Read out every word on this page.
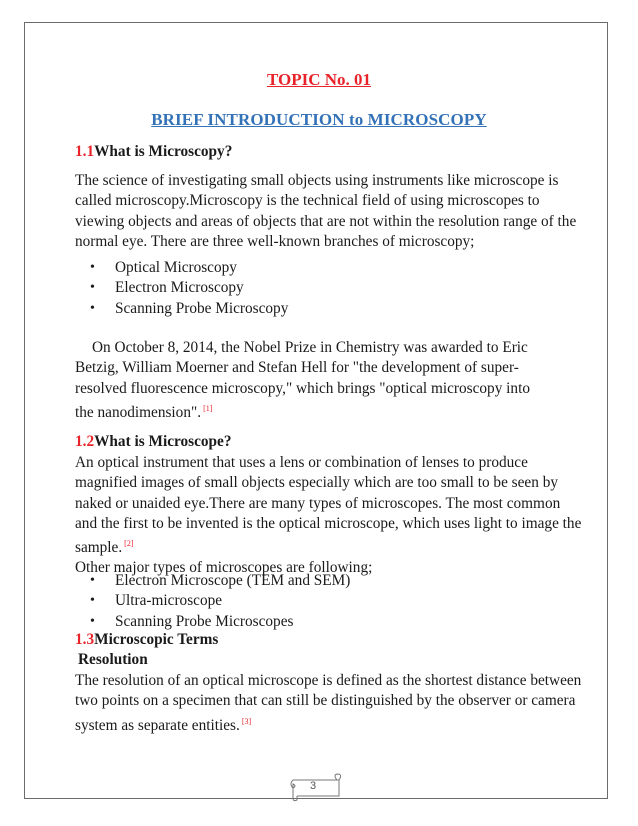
TOPIC No. 01
BRIEF INTRODUCTION to MICROSCOPY
1.1What is Microscopy?
The science of investigating small objects using instruments like microscope is
called microscopy.Microscopy is the technical field of using microscopes to
viewing objects and areas of objects that are not within the resolution range of the
normal eye. There are three well-known branches of microscopy;
• Optical Microscopy
• Electron Microscopy
• Scanning Probe Microscopy
On October 8, 2014, the Nobel Prize in Chemistry was awarded to Eric
Betzig, William Moerner and Stefan Hell for "the development of super-
resolved fluorescence microscopy," which brings "optical microscopy into
the nanodimension". [1]
1.2What is Microscope?
An optical instrument that uses a lens or combination of lenses to produce
magnified images of small objects especially which are too small to be seen by
naked or unaided eye.There are many types of microscopes. The most common
and the first to be invented is the optical microscope, which uses light to image the
sample. [2]
Other major types of microscopes are following;
• Electron Microscope (TEM and SEM)
• Ultra-microscope
• Scanning Probe Microscopes
1.3Microscopic Terms
Resolution
The resolution of an optical microscope is defined as the shortest distance between
two points on a specimen that can still be distinguished by the observer or camera
system as separate entities. [3]
3
